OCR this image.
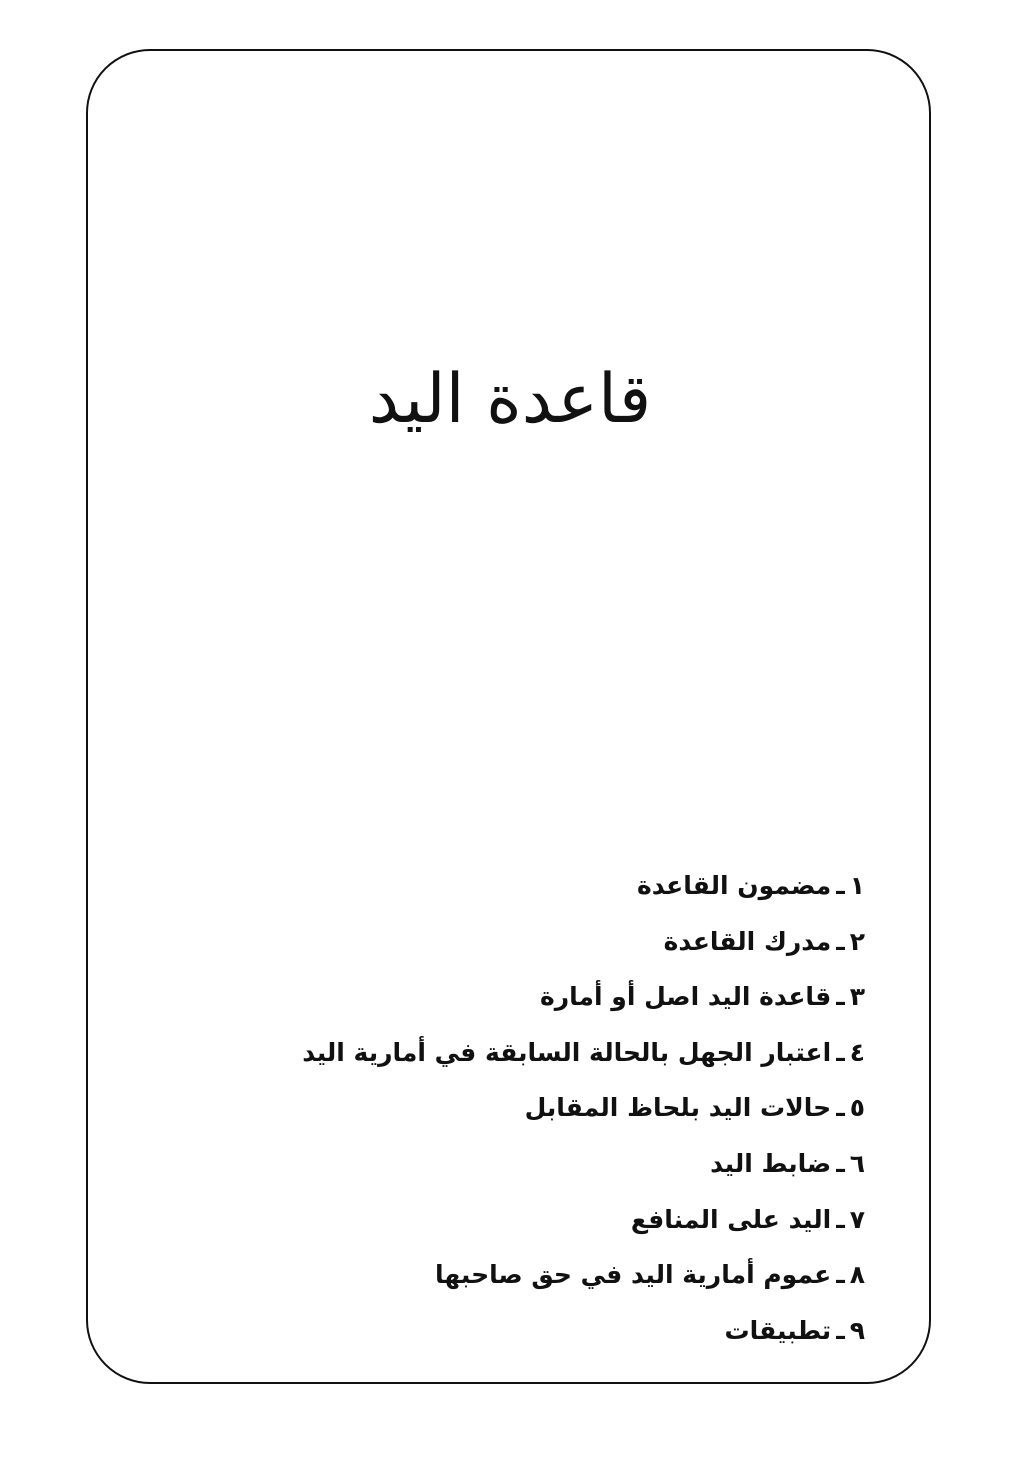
قاعدة اليد
١ـمضمون القاعدة
٢ـمدرك القاعدة
٣ـقاعدة اليد اصل أو أمارة
٤ـاعتبار الجهل بالحالة السابقة في أمارية اليد
٥ـحالات اليد بلحاظ المقابل
٦ـضابط اليد
٧ـاليد على المنافع
٨ـعموم أمارية اليد في حق صاحبها
٩ـتطبيقات
